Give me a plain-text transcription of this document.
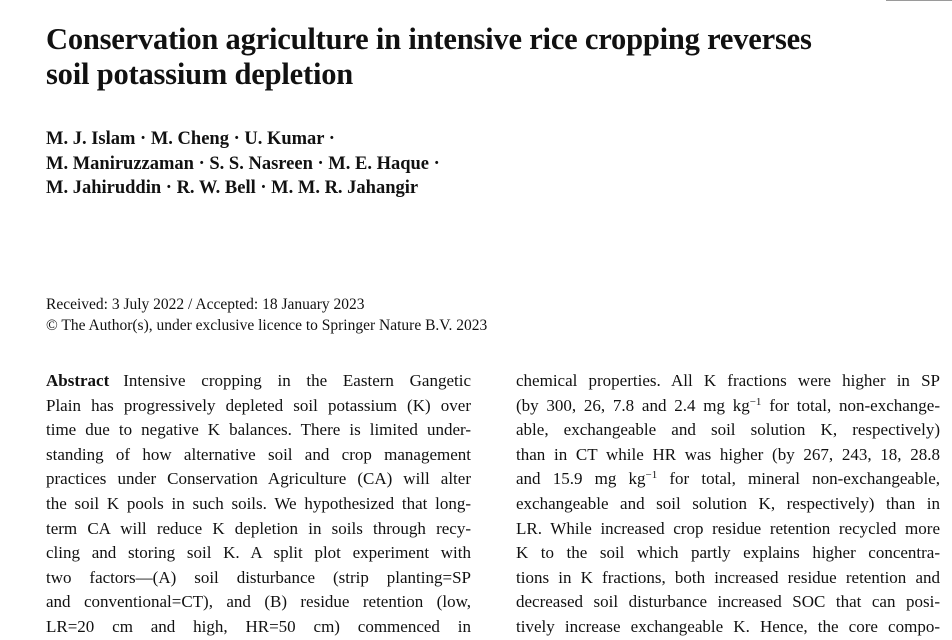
Conservation agriculture in intensive rice cropping reverses
soil potassium depletion
M. J. Islam · M. Cheng · U. Kumar ·
M. Maniruzzaman · S. S. Nasreen · M. E. Haque ·
M. Jahiruddin · R. W. Bell · M. M. R. Jahangir
Received: 3 July 2022 / Accepted: 18 January 2023
© The Author(s), under exclusive licence to Springer Nature B.V. 2023
Abstract Intensive cropping in the Eastern Gangetic
Plain has progressively depleted soil potassium (K) over
time due to negative K balances. There is limited under-
standing of how alternative soil and crop management
practices under Conservation Agriculture (CA) will alter
the soil K pools in such soils. We hypothesized that long-
term CA will reduce K depletion in soils through recy-
cling and storing soil K. A split plot experiment with
two factors—(A) soil disturbance (strip planting=SP
and conventional=CT), and (B) residue retention (low,
LR=20 cm and high, HR=50 cm) commenced in
chemical properties. All K fractions were higher in SP
(by 300, 26, 7.8 and 2.4 mg $kg^{-1}$ for total, non-exchange-
able, exchangeable and soil solution K, respectively)
than in CT while HR was higher (by 267, 243, 18, 28.8
and 15.9 mg $kg^{-1}$ for total, mineral non-exchangeable,
exchangeable and soil solution K, respectively) than in
LR. While increased crop residue retention recycled more
K to the soil which partly explains higher concentra-
tions in K fractions, both increased residue retention and
decreased soil disturbance increased SOC that can posi-
tively increase exchangeable K. Hence, the core compo-
